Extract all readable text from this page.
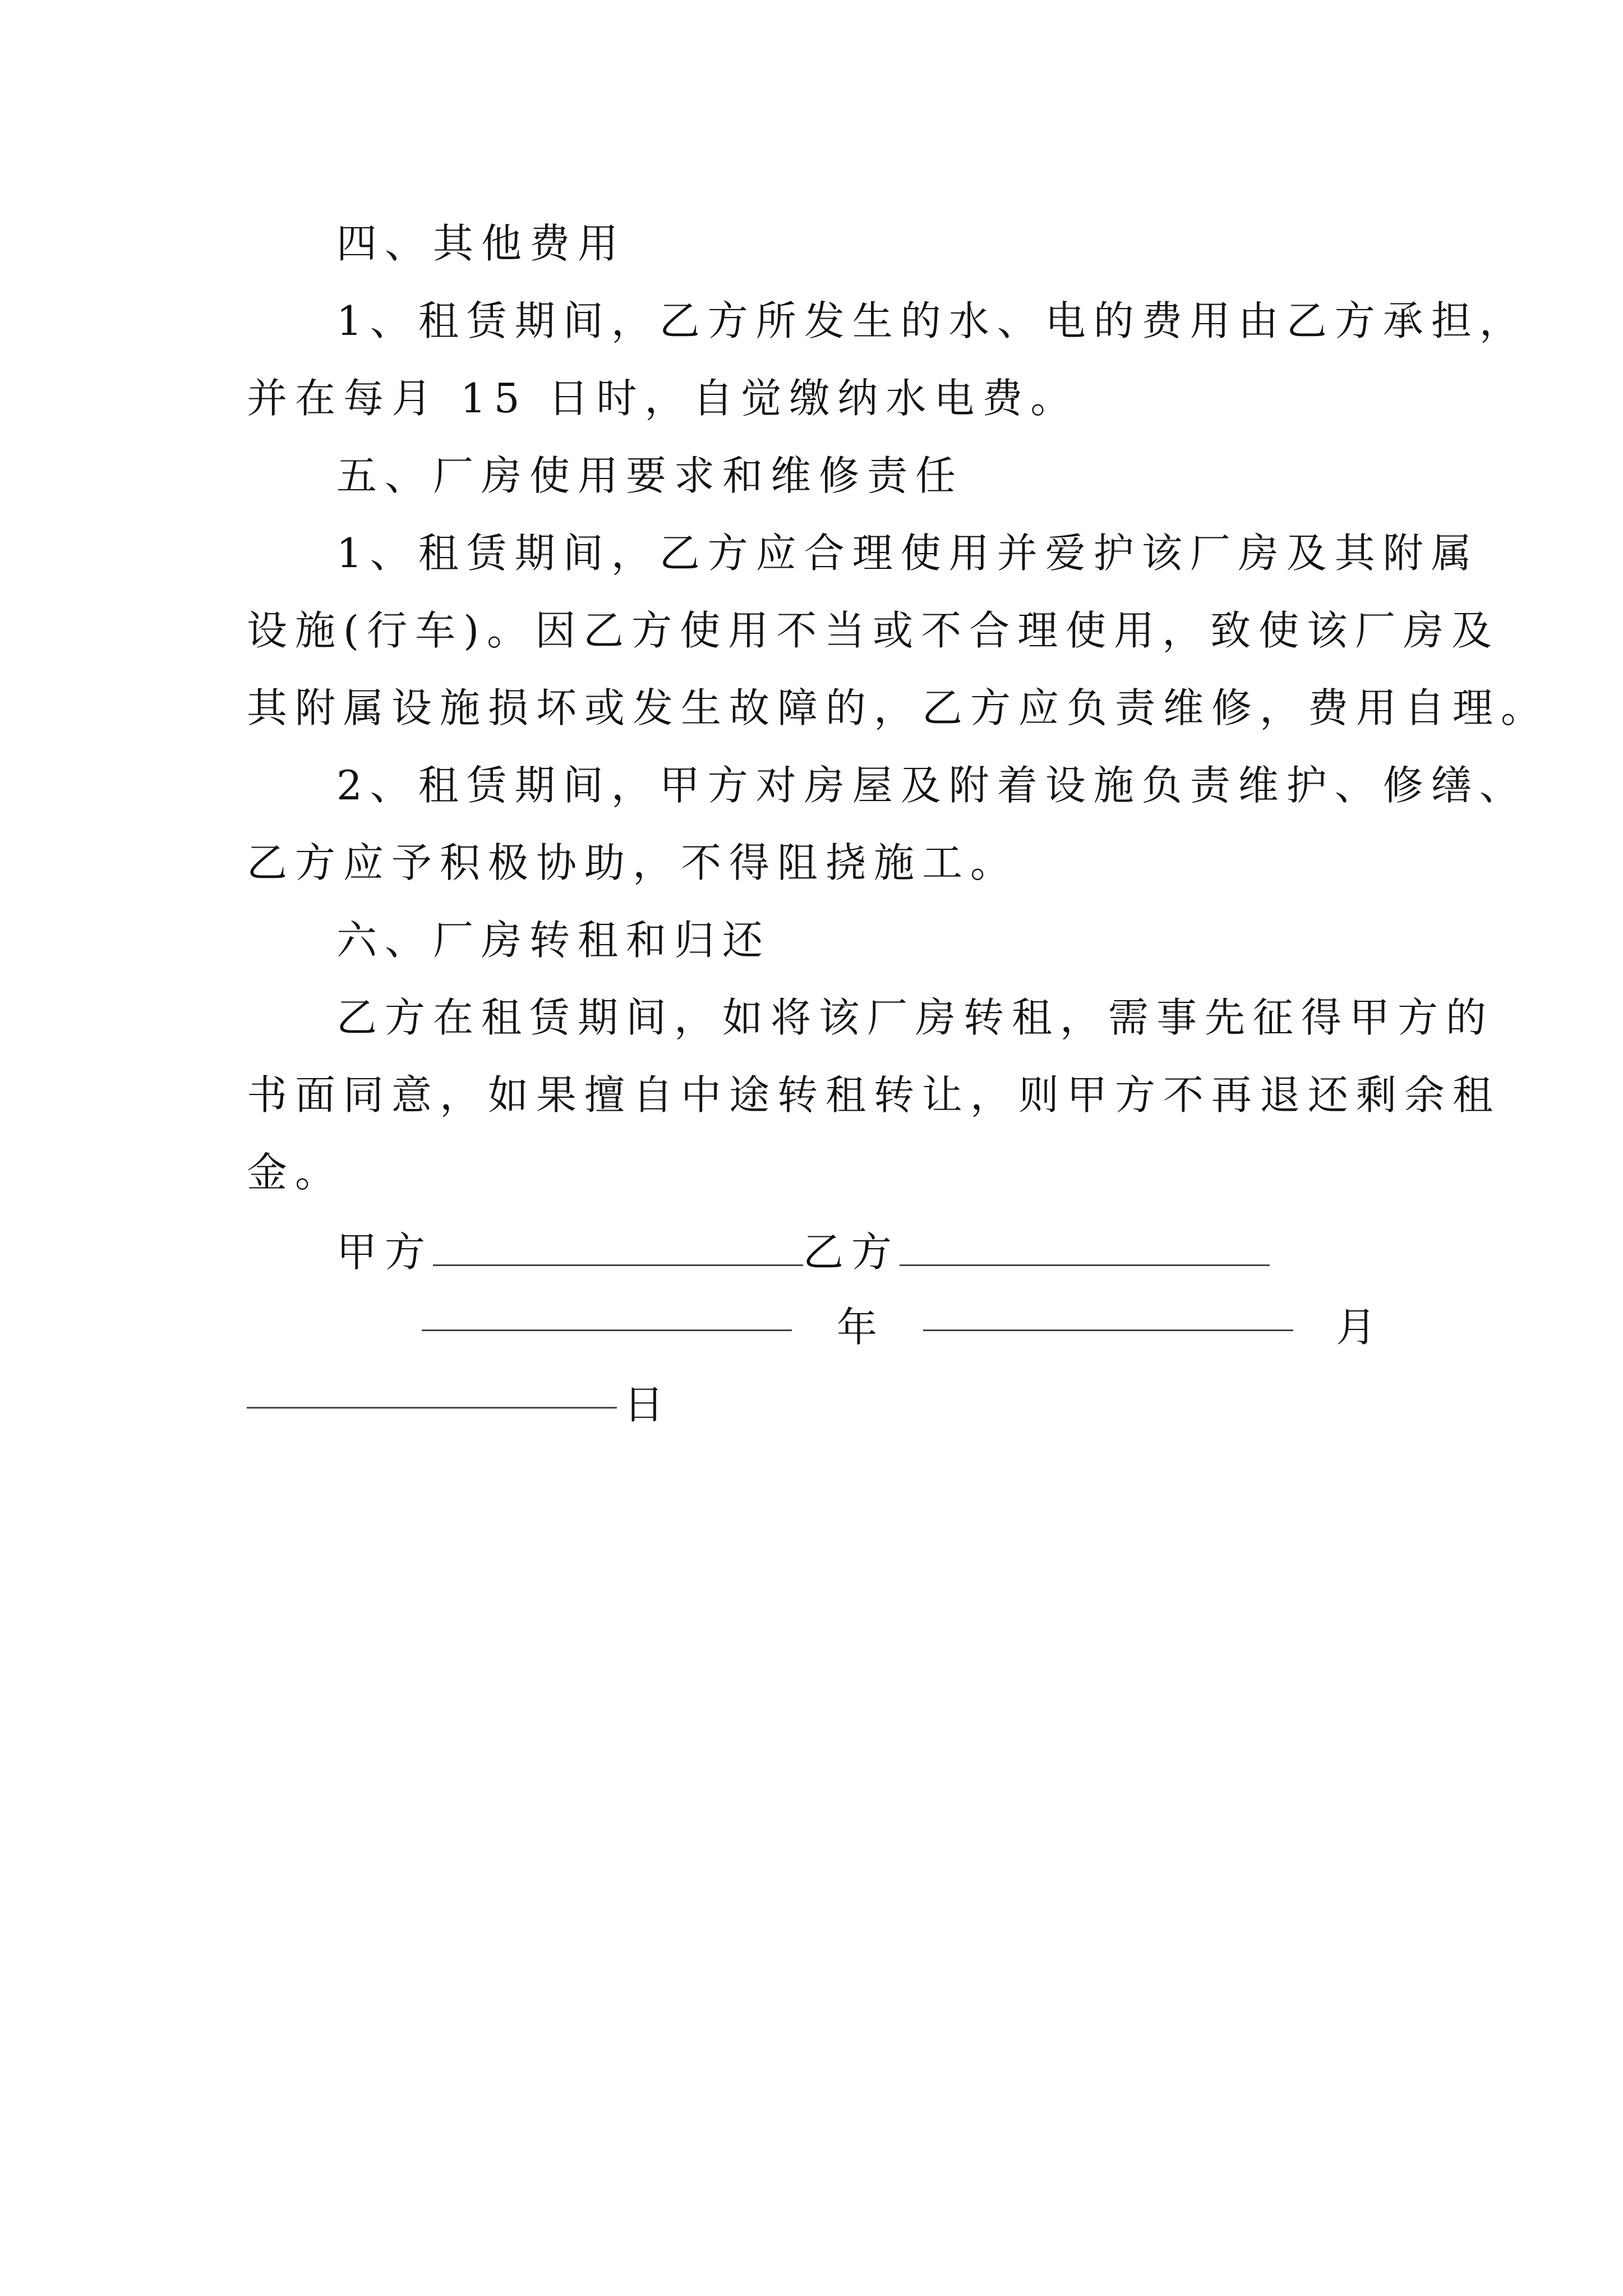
四、其他费用
1、租赁期间，乙方所发生的水、电的费用由乙方承担，
并在每月 15 日时，自觉缴纳水电费。
五、厂房使用要求和维修责任
1、租赁期间，乙方应合理使用并爱护该厂房及其附属
设施(行车)。因乙方使用不当或不合理使用，致使该厂房及
其附属设施损坏或发生故障的，乙方应负责维修，费用自理。
2、租赁期间，甲方对房屋及附着设施负责维护、修缮、
乙方应予积极协助，不得阻挠施工。
六、厂房转租和归还
乙方在租赁期间，如将该厂房转租，需事先征得甲方的
书面同意，如果擅自中途转租转让，则甲方不再退还剩余租
金。
甲方	乙方
年	月
日
